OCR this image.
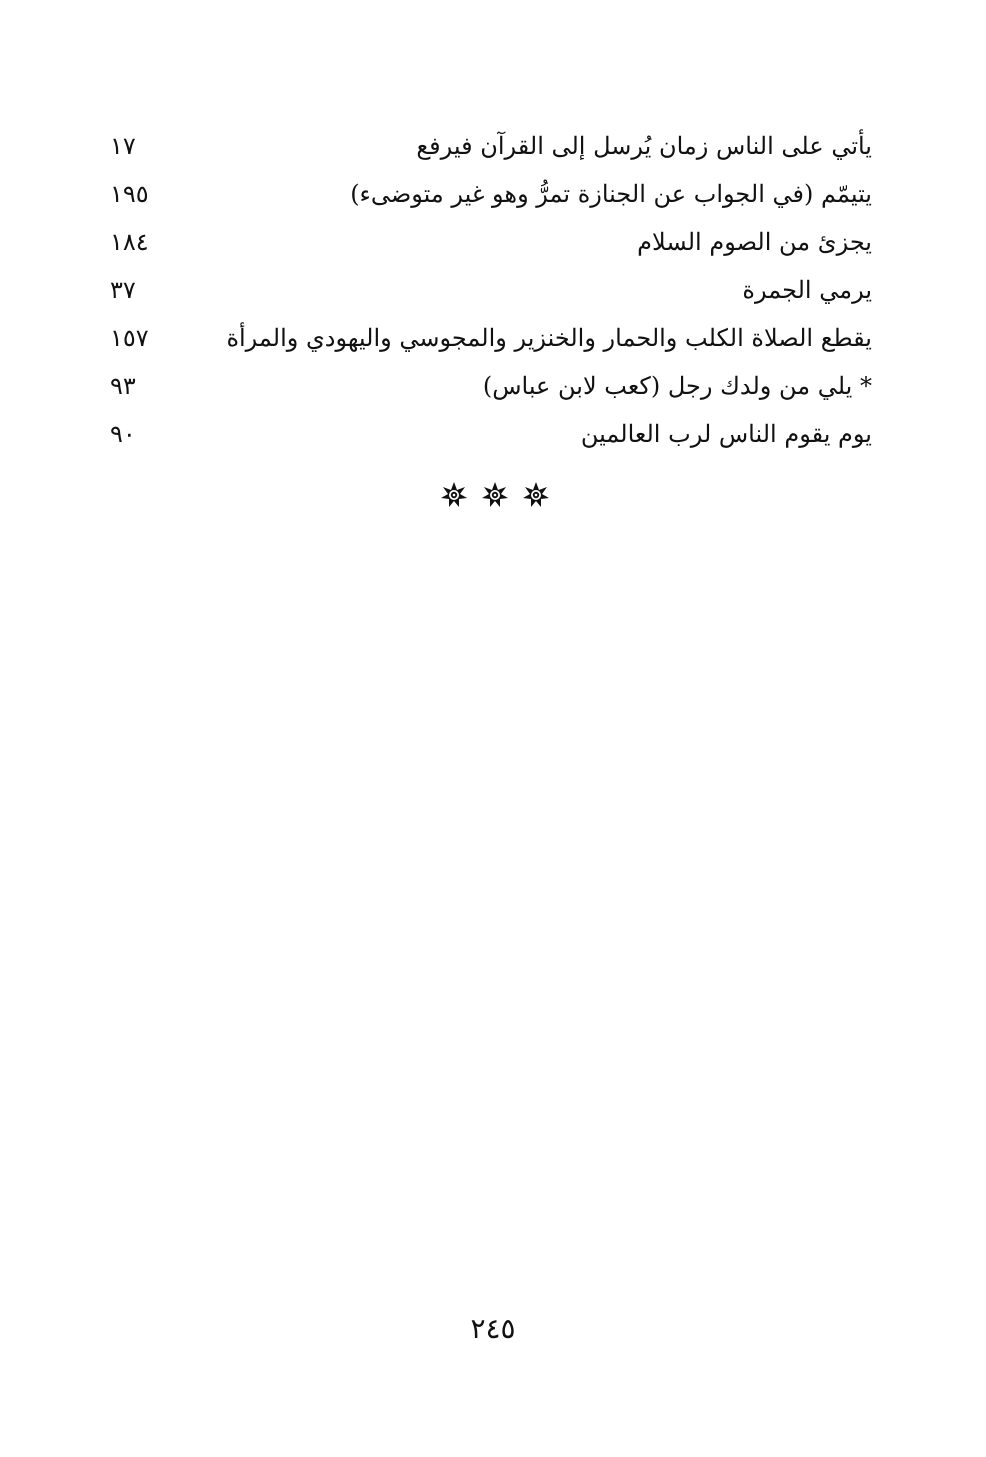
يأتي على الناس زمان يُرسل إلى القرآن فيرفع
١٧
يتيمّم (في الجواب عن الجنازة تمرُّ وهو غير متوضىء)
١٩٥
يجزئ من الصوم السلام
١٨٤
يرمي الجمرة
٣٧
يقطع الصلاة الكلب والحمار والخنزير والمجوسي واليهودي والمرأة
١٥٧
* يلي من ولدك رجل (كعب لابن عباس)
٩٣
يوم يقوم الناس لرب العالمين
٩٠
٢٤٥
